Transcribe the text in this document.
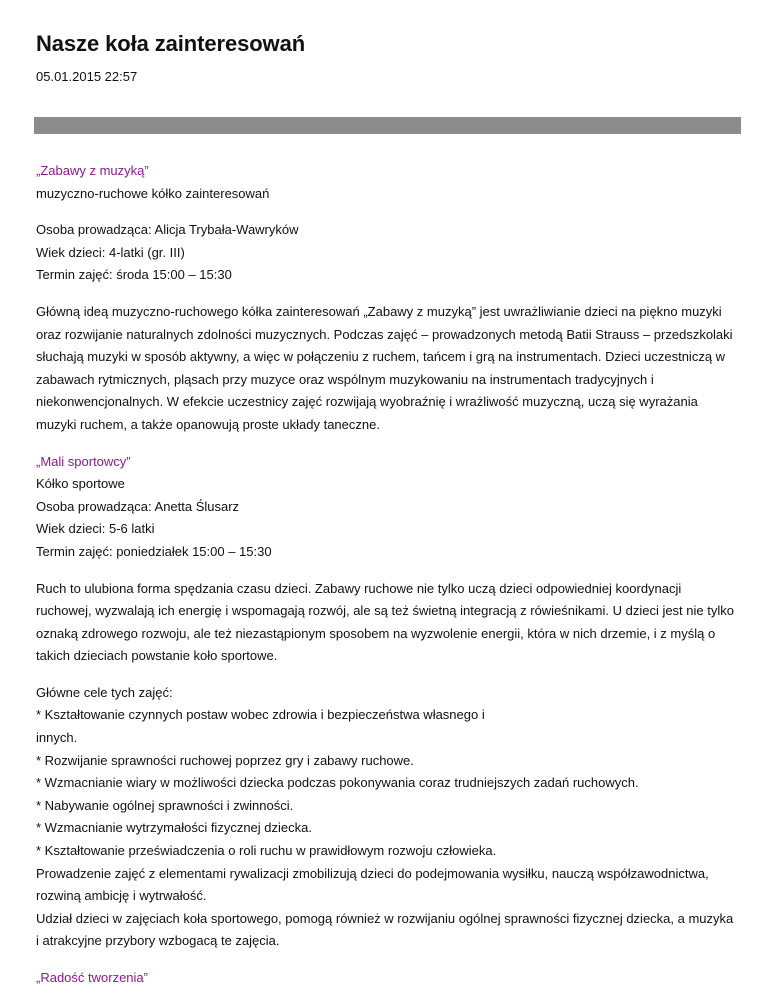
Nasze koła zainteresowań
05.01.2015 22:57

„Zabawy z muzyką”

muzyczno-ruchowe kółko zainteresowań

Osoba prowadząca: Alicja Trybała-Wawryków

Wiek dzieci: 4-latki (gr. III)

Termin zajęć: środa 15:00 – 15:30

Główną ideą muzyczno-ruchowego kółka zainteresowań „Zabawy z muzyką” jest uwrażliwianie dzieci na piękno muzyki

oraz rozwijanie naturalnych zdolności muzycznych. Podczas zajęć – prowadzonych metodą Batii Strauss – przedszkolaki

słuchają muzyki w sposób aktywny, a więc w połączeniu z ruchem, tańcem i grą na instrumentach. Dzieci uczestniczą w

zabawach rytmicznych, pląsach przy muzyce oraz wspólnym muzykowaniu na instrumentach tradycyjnych i

niekonwencjonalnych. W efekcie uczestnicy zajęć rozwijają wyobraźnię i wrażliwość muzyczną, uczą się wyrażania

muzyki ruchem, a także opanowują proste układy taneczne.

„Mali sportowcy”

Kółko sportowe

Osoba prowadząca: Anetta Ślusarz

Wiek dzieci: 5-6 latki

Termin zajęć: poniedziałek 15:00 – 15:30

Ruch to ulubiona forma spędzania czasu dzieci. Zabawy ruchowe nie tylko uczą dzieci odpowiedniej koordynacji

ruchowej, wyzwalają ich energię i wspomagają rozwój, ale są też świetną integracją z rówieśnikami. U dzieci jest nie tylko

oznaką zdrowego rozwoju, ale też niezastąpionym sposobem na wyzwolenie energii, która w nich drzemie, i z myślą o

takich dzieciach powstanie koło sportowe.

Główne cele tych zajęć:

* Kształtowanie czynnych postaw wobec zdrowia i bezpieczeństwa własnego i

innych.

* Rozwijanie sprawności ruchowej poprzez gry i zabawy ruchowe.

* Wzmacnianie wiary w możliwości dziecka podczas pokonywania coraz trudniejszych zadań ruchowych.

* Nabywanie ogólnej sprawności i zwinności.

* Wzmacnianie wytrzymałości fizycznej dziecka.

* Kształtowanie przeświadczenia o roli ruchu w prawidłowym rozwoju człowieka.

Prowadzenie zajęć z elementami rywalizacji zmobilizują dzieci do podejmowania wysiłku, nauczą współzawodnictwa,

rozwiną ambicję i wytrwałość.

Udział dzieci w zajęciach koła sportowego, pomogą również w rozwijaniu ogólnej sprawności fizycznej dziecka, a muzyka

i atrakcyjne przybory wzbogacą te zajęcia.

„Radość tworzenia”
